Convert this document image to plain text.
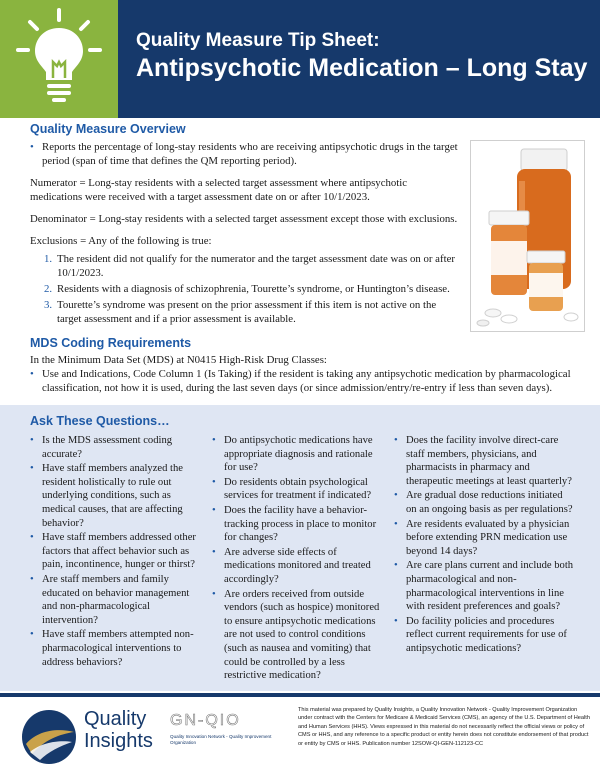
Quality Measure Tip Sheet:
Antipsychotic Medication – Long Stay
Quality Measure Overview

• Reports the percentage of long-stay residents who are receiving antipsychotic drugs in the target period (span of time that defines the QM reporting period).

Numerator = Long-stay residents with a selected target assessment where antipsychotic medications were received with a target assessment date on or after 10/1/2023.

Denominator = Long-stay residents with a selected target assessment except those with exclusions.

Exclusions = Any of the following is true:

1. The resident did not qualify for the numerator and the target assessment date was on or after 10/1/2023.
2. Residents with a diagnosis of schizophrenia, Tourette’s syndrome, or Huntington’s disease.
3. Tourette’s syndrome was present on the prior assessment if this item is not active on the target assessment and if a prior assessment is available.
MDS Coding Requirements

In the Minimum Data Set (MDS) at N0415 High-Risk Drug Classes:

• Use and Indications, Code Column 1 (Is Taking) if the resident is taking any antipsychotic medication by pharmacological classification, not how it is used, during the last seven days (or since admission/entry/re-entry if less than seven days).

Ask These Questions…
• Is the MDS assessment coding accurate?
• Have staff members analyzed the resident holistically to rule out underlying conditions, such as medical causes, that are affecting behavior?
• Have staff members addressed other factors that affect behavior such as pain, incontinence, hunger or thirst?
• Are staff members and family educated on behavior management and non-pharmacological intervention?
• Have staff members attempted non-pharmacological interventions to address behaviors?
• Do antipsychotic medications have appropriate diagnosis and rationale for use?
• Do residents obtain psychological services for treatment if indicated?
• Does the facility have a behavior-tracking process in place to monitor for changes?
• Are adverse side effects of medications monitored and treated accordingly?
• Are orders received from outside vendors (such as hospice) monitored to ensure antipsychotic medications are not used to control conditions (such as nausea and vomiting) that could be controlled by a less restrictive medication?
• Does the facility involve direct-care staff members, physicians, and pharmacists in pharmacy and therapeutic meetings at least quarterly?
• Are gradual dose reductions initiated on an ongoing basis as per regulations?
• Are residents evaluated by a physician before extending PRN medication use beyond 14 days?
• Are care plans current and include both pharmacological and non-pharmacological interventions in line with resident preferences and goals?
• Do facility policies and procedures reflect current requirements for use of antipsychotic medications?
Quality
Insights
GN-QIO
Quality Innovation Network - Quality Improvement Organization
This material was prepared by Quality Insights, a Quality Innovation Network - Quality Improvement Organization under contract with the Centers for Medicare & Medicaid Services (CMS), an agency of the U.S. Department of Health and Human Services (HHS). Views expressed in this material do not necessarily reflect the official views or policy of CMS or HHS, and any reference to a specific product or entity herein does not constitute endorsement of that product or entity by CMS or HHS. Publication number 12SOW-QI-GEN-112123-CC
